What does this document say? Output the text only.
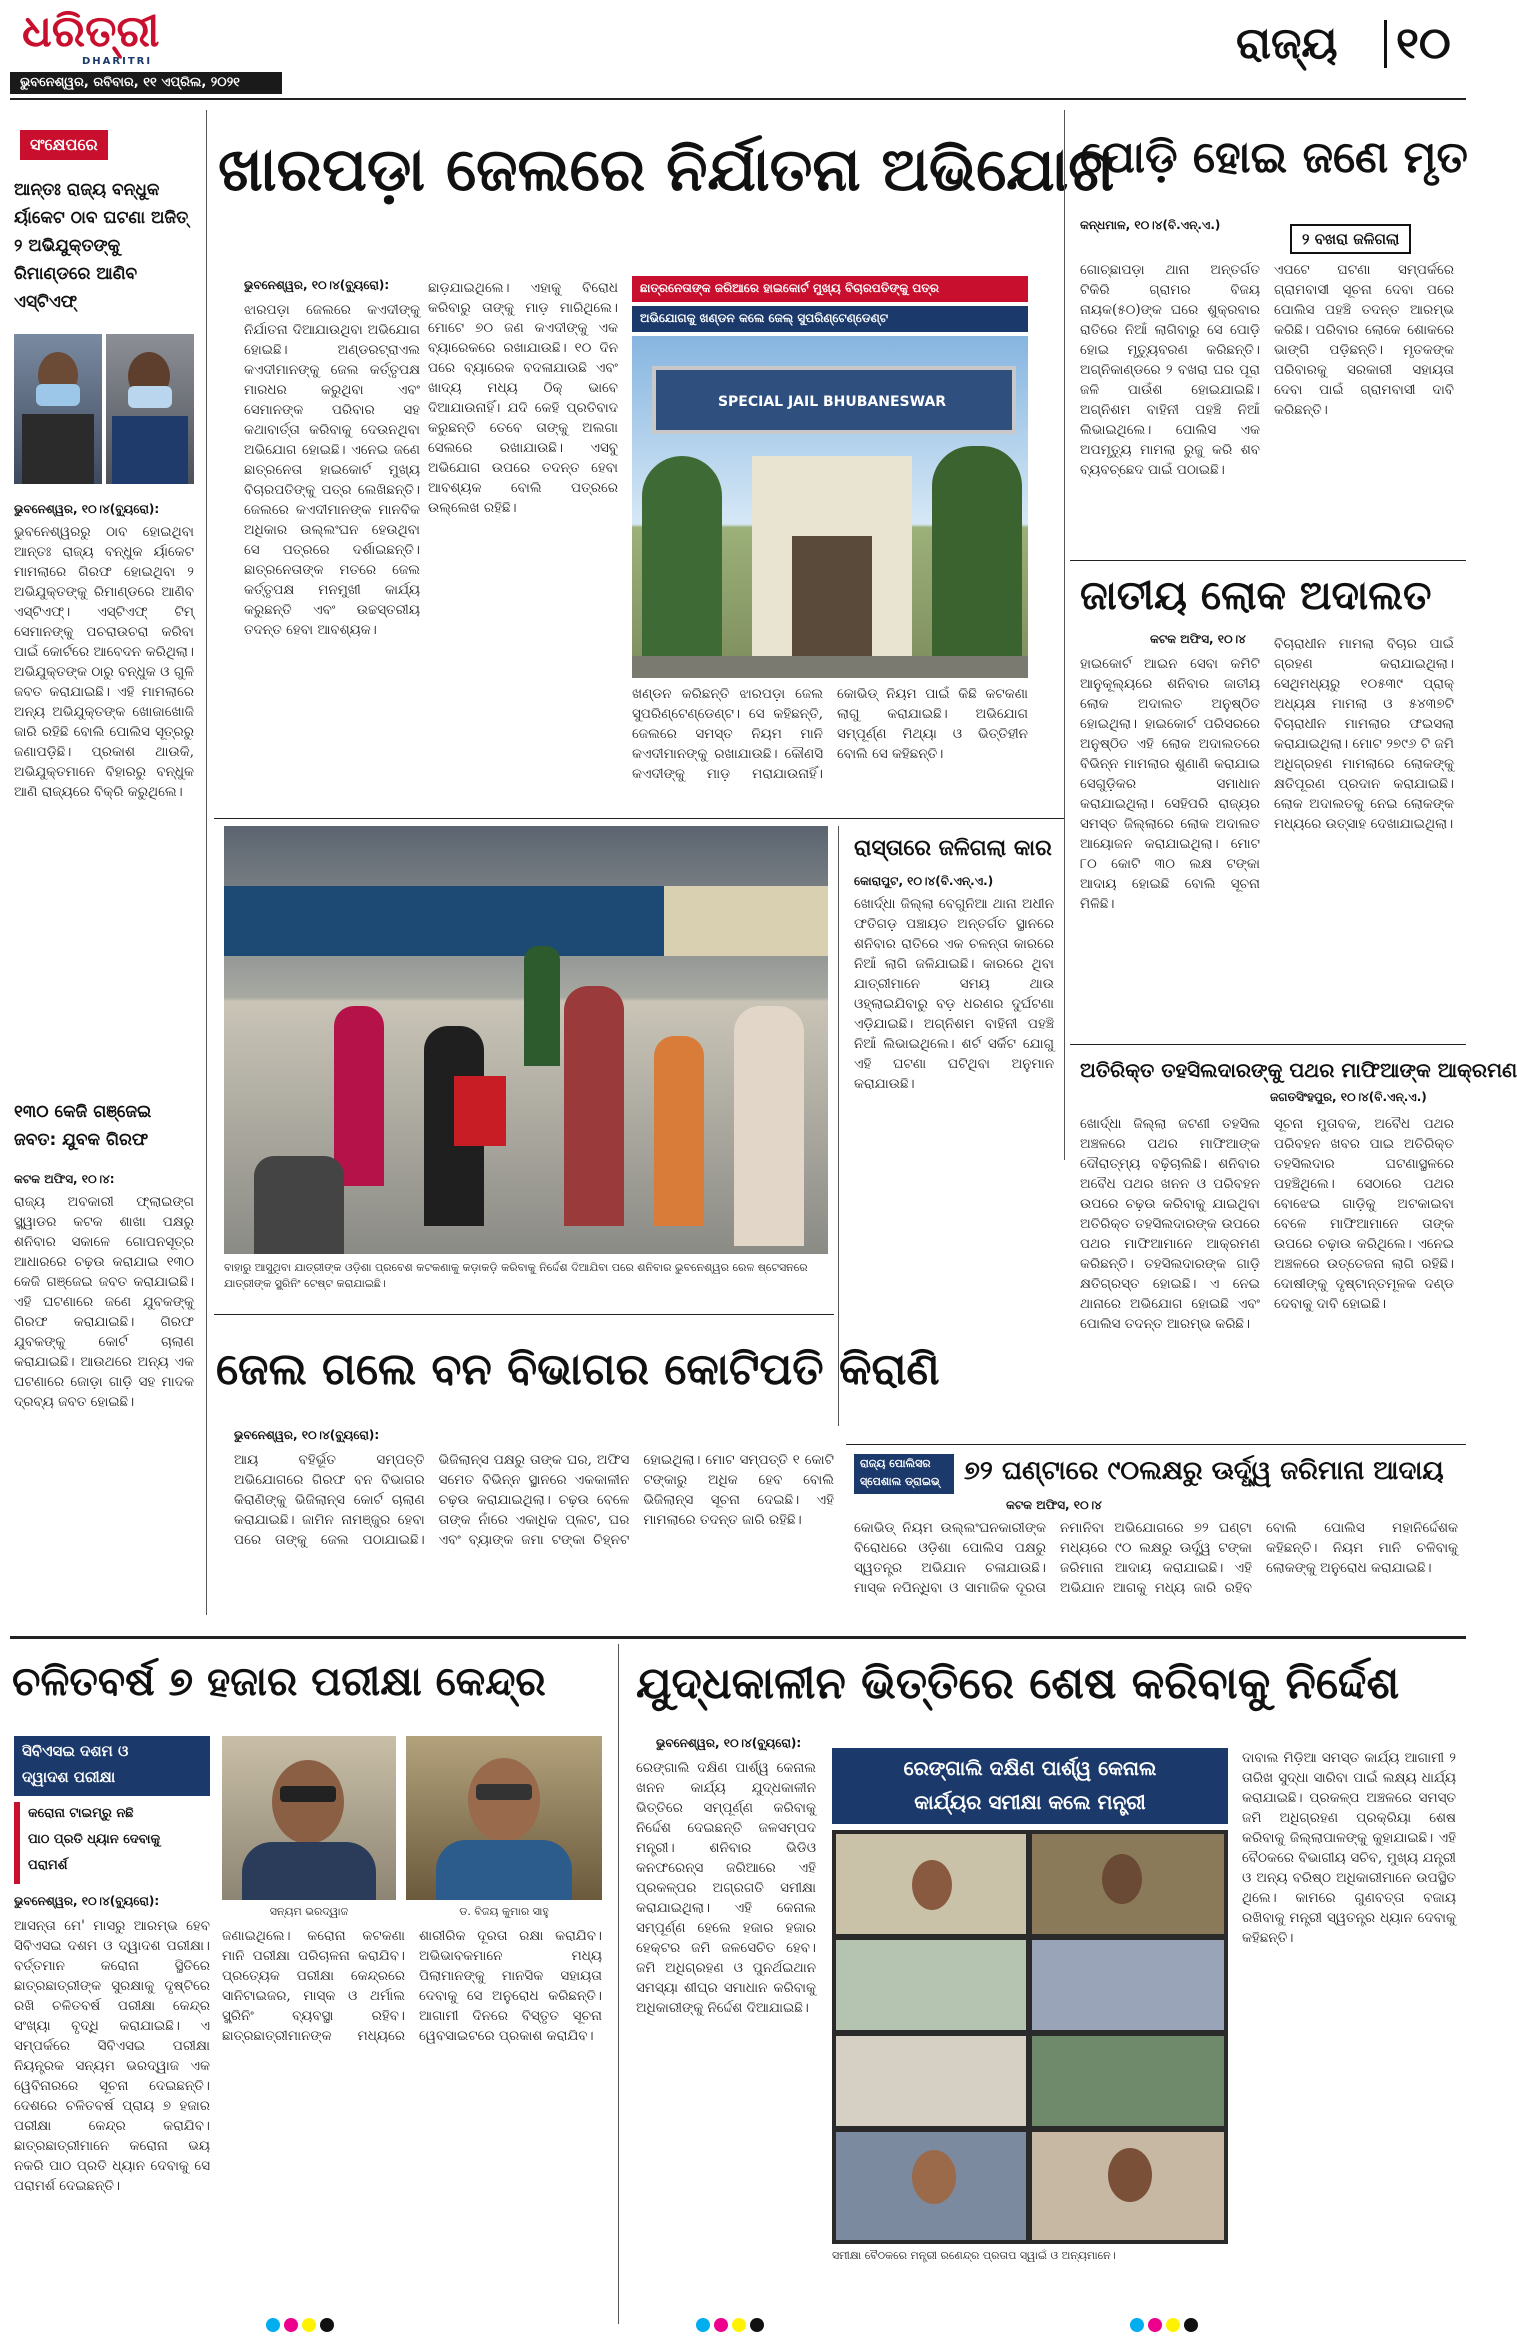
ଧରିତ୍ରୀ
DHARITRI
ଭୁବନେଶ୍ୱର, ରବିବାର, ୧୧ ଏପ୍ରିଲ, ୨୦୨୧
ରାଜ୍ୟ ୧୦
ସଂକ୍ଷେପରେ
ଆନ୍ତଃ ରାଜ୍ୟ ବନ୍ଧୁକ ର୍ୟାକେଟ ଠାବ ଘଟଣା ଅଜିତ୍ ୨ ଅଭିଯୁକ୍ତଙ୍କୁ ରିମାଣ୍ଡରେ ଆଣିବ ଏସ୍‌ଟିଏଫ୍
ଭୁବନେଶ୍ୱର, ୧୦।୪(ବ୍ୟୁରୋ):
ଭୁବନେଶ୍ୱରରୁ ଠାବ ହୋଇଥିବା ଆନ୍ତଃ ରାଜ୍ୟ ବନ୍ଧୁକ ର୍ୟାକେଟ ମାମଲାରେ ଗିରଫ ହୋଇଥିବା ୨ ଅଭିଯୁକ୍ତଙ୍କୁ ରିମାଣ୍ଡରେ ଆଣିବ ଏସ୍‌ଟିଏଫ୍। ଏସ୍‌ଟିଏଫ୍ ଟିମ୍ ସେମାନଙ୍କୁ ପଚରାଉଚରା କରିବା ପାଇଁ କୋର୍ଟରେ ଆବେଦନ କରିଥିଲା। ଅଭିଯୁକ୍ତଙ୍କ ଠାରୁ ବନ୍ଧୁକ ଓ ଗୁଳି ଜବତ କରାଯାଇଛି। ଏହି ମାମଲାରେ ଅନ୍ୟ ଅଭିଯୁକ୍ତଙ୍କ ଖୋଜାଖୋଜି ଜାରି ରହିଛି ବୋଲି ପୋଲିସ ସୂତ୍ରରୁ ଜଣାପଡ଼ିଛି। ପ୍ରକାଶ ଥାଉକି, ଅଭିଯୁକ୍ତମାନେ ବିହାରରୁ ବନ୍ଧୁକ ଆଣି ରାଜ୍ୟରେ ବିକ୍ରି କରୁଥିଲେ।
୧୩୦ କେଜି ଗଞ୍ଜେଇ ଜବତ: ଯୁବକ ଗିରଫ
କଟକ ଅଫିସ, ୧୦।୪:
ରାଜ୍ୟ ଅବକାରୀ ଫ୍ଲାଇଙ୍ଗ ସ୍କ୍ୱାଡର କଟକ ଶାଖା ପକ୍ଷରୁ ଶନିବାର ସକାଳେ ଗୋପନସୂତ୍ର ଆଧାରରେ ଚଢ଼ଉ କରାଯାଇ ୧୩୦ କେଜି ଗଞ୍ଜେଇ ଜବତ କରାଯାଇଛି। ଏହି ଘଟଣାରେ ଜଣେ ଯୁବକଙ୍କୁ ଗିରଫ କରାଯାଇଛି। ଗିରଫ ଯୁବକଙ୍କୁ କୋର୍ଟ ଚାଲାଣ କରାଯାଇଛି। ଆଉଥରେ ଅନ୍ୟ ଏକ ଘଟଣାରେ ଜୋଡ଼ା ଗାଡ଼ି ସହ ମାଦକ ଦ୍ରବ୍ୟ ଜବତ ହୋଇଛି।
ଖାରପଡ଼ା ଜେଲରେ ନିର୍ଯାତନା ଅଭିଯୋଗ
ଭୁବନେଶ୍ୱର, ୧୦।୪(ବ୍ୟୁରୋ):
ଝାରପଡ଼ା ଜେଲରେ କଏଦୀଙ୍କୁ ନିର୍ଯାତନା ଦିଆଯାଉଥିବା ଅଭିଯୋଗ ହୋଇଛି। ଅଣ୍ଡରଟ୍ରାଏଲ କଏଦୀମାନଙ୍କୁ ଜେଲ କର୍ତ୍ତୃପକ୍ଷ ମାରଧର କରୁଥିବା ଏବଂ ସେମାନଙ୍କ ପରିବାର ସହ କଥାବାର୍ତ୍ତା କରିବାକୁ ଦେଉନଥିବା ଅଭିଯୋଗ ହୋଇଛି। ଏନେଇ ଜଣେ ଛାତ୍ରନେତା ହାଇକୋର୍ଟ ମୁଖ୍ୟ ବିଚାରପତିଙ୍କୁ ପତ୍ର ଲେଖିଛନ୍ତି। ଜେଲରେ କଏଦୀମାନଙ୍କ ମାନବିକ ଅଧିକାର ଉଲ୍ଲଂଘନ ହେଉଥିବା ସେ ପତ୍ରରେ ଦର୍ଶାଇଛନ୍ତି। ଛାତ୍ରନେତାଙ୍କ ମତରେ ଜେଲ କର୍ତ୍ତୃପକ୍ଷ ମନମୁଖୀ କାର୍ଯ୍ୟ କରୁଛନ୍ତି ଏବଂ ଉଚ୍ଚସ୍ତରୀୟ ତଦନ୍ତ ହେବା ଆବଶ୍ୟକ।
ଛାଡ଼ଯାଇଥିଲେ। ଏହାକୁ ବିରୋଧ କରିବାରୁ ତାଙ୍କୁ ମାଡ଼ ମାରିଥିଲେ। ମୋଟେ ୭୦ ଜଣ କଏଦୀଙ୍କୁ ଏକ ବ୍ୟାରେକରେ ରଖାଯାଉଛି। ୧୦ ଦିନ ପରେ ବ୍ୟାରେକ ବଦଳାଯାଉଛି ଏବଂ ଖାଦ୍ୟ ମଧ୍ୟ ଠିକ୍ ଭାବେ ଦିଆଯାଉନାହିଁ। ଯଦି କେହି ପ୍ରତିବାଦ କରୁଛନ୍ତି ତେବେ ତାଙ୍କୁ ଅଲଗା ସେଲରେ ରଖାଯାଉଛି। ଏସବୁ ଅଭିଯୋଗ ଉପରେ ତଦନ୍ତ ହେବା ଆବଶ୍ୟକ ବୋଲି ପତ୍ରରେ ଉଲ୍ଲେଖ ରହିଛି।
ଛାତ୍ରନେତାଙ୍କ ଜରିଆରେ ହାଇକୋର୍ଟ ମୁଖ୍ୟ ବିଚାରପତିଙ୍କୁ ପତ୍ର
ଅଭିଯୋଗକୁ ଖଣ୍ଡନ କଲେ ଜେଲ୍ ସୁପରିଣ୍ଟେଣ୍ଡେଣ୍ଟ
SPECIAL JAIL BHUBANESWAR
ଖଣ୍ଡନ କରିଛନ୍ତି ଝାରପଡ଼ା ଜେଲ ସୁପରିଣ୍ଟେଣ୍ଡେଣ୍ଟ। ସେ କହିଛନ୍ତି, ଜେଲରେ ସମସ୍ତ ନିୟମ ମାନି କଏଦୀମାନଙ୍କୁ ରଖାଯାଉଛି। କୌଣସି କଏଦୀଙ୍କୁ ମାଡ଼ ମରାଯାଉନାହିଁ। କୋଭିଡ୍ ନିୟମ ପାଇଁ କିଛି କଟକଣା ଲାଗୁ କରାଯାଇଛି। ଅଭିଯୋଗ ସମ୍ପୂର୍ଣ୍ଣ ମିଥ୍ୟା ଓ ଭିତ୍ତିହୀନ ବୋଲି ସେ କହିଛନ୍ତି।
ପୋଡ଼ି ହୋଇ ଜଣେ ମୃତ
କନ୍ଧମାଳ, ୧୦।୪(ବି.ଏନ୍.ଏ.)
୨ ବଖରା ଜଳିଗଲା
ଗୋଚ୍ଛାପଡ଼ା ଥାନା ଅନ୍ତର୍ଗତ ଟିକିରି ଗ୍ରାମର ବିଜୟ ନାୟକ(୫୦)ଙ୍କ ଘରେ ଶୁକ୍ରବାର ରାତିରେ ନିଆଁ ଲାଗିବାରୁ ସେ ପୋଡ଼ି ହୋଇ ମୃତ୍ୟୁବରଣ କରିଛନ୍ତି। ଅଗ୍ନିକାଣ୍ଡରେ ୨ ବଖରା ଘର ପୂରା ଜଳି ପାଉଁଶ ହୋଇଯାଇଛି। ଅଗ୍ନିଶମ ବାହିନୀ ପହଞ୍ଚି ନିଆଁ ଲିଭାଇଥିଲେ। ପୋଲିସ ଏକ ଅପମୃତ୍ୟୁ ମାମଲା ରୁଜୁ କରି ଶବ ବ୍ୟବଚ୍ଛେଦ ପାଇଁ ପଠାଇଛି।
ଏପଟେ ଘଟଣା ସମ୍ପର୍କରେ ଗ୍ରାମବାସୀ ସୂଚନା ଦେବା ପରେ ପୋଲିସ ପହଞ୍ଚି ତଦନ୍ତ ଆରମ୍ଭ କରିଛି। ପରିବାର ଲୋକେ ଶୋକରେ ଭାଙ୍ଗି ପଡ଼ିଛନ୍ତି। ମୃତକଙ୍କ ପରିବାରକୁ ସରକାରୀ ସହାୟତା ଦେବା ପାଇଁ ଗ୍ରାମବାସୀ ଦାବି କରିଛନ୍ତି।
ଜାତୀୟ ଲୋକ ଅଦାଲତ
କଟକ ଅଫିସ, ୧୦।୪
ହାଇକୋର୍ଟ ଆଇନ ସେବା କମିଟି ଆନୁକୂଲ୍ୟରେ ଶନିବାର ଜାତୀୟ ଲୋକ ଅଦାଲତ ଅନୁଷ୍ଠିତ ହୋଇଥିଲା। ହାଇକୋର୍ଟ ପରିସରରେ ଅନୁଷ୍ଠିତ ଏହି ଲୋକ ଅଦାଲତରେ ବିଭିନ୍ନ ମାମଲାର ଶୁଣାଣି କରାଯାଇ ସେଗୁଡ଼ିକର ସମାଧାନ କରାଯାଇଥିଲା। ସେହିପରି ରାଜ୍ୟର ସମସ୍ତ ଜିଲ୍ଲାରେ ଲୋକ ଅଦାଲତ ଆୟୋଜନ କରାଯାଇଥିଲା। ମୋଟ ୮୦ କୋଟି ୩୦ ଲକ୍ଷ ଟଙ୍କା ଆଦାୟ ହୋଇଛି ବୋଲି ସୂଚନା ମିଳିଛି।
ବିଚାରାଧୀନ ମାମଲା ବିଚାର ପାଇଁ ଗ୍ରହଣ କରାଯାଇଥିଲା। ସେଥିମଧ୍ୟରୁ ୧୦୫୩୯ ପ୍ରାକ୍ ଅଧ୍ୟକ୍ଷ ମାମଲା ଓ ୫୪୩୭ଟି ବିଚାରାଧୀନ ମାମଲାର ଫଇସଲା କରାଯାଇଥିଲା। ମୋଟ ୨୭୯୬ ଟି ଜମି ଅଧିଗ୍ରହଣ ମାମଲାରେ ଲୋକଙ୍କୁ କ୍ଷତିପୂରଣ ପ୍ରଦାନ କରାଯାଇଛି। ଲୋକ ଅଦାଲତକୁ ନେଇ ଲୋକଙ୍କ ମଧ୍ୟରେ ଉତ୍ସାହ ଦେଖାଯାଇଥିଲା।
ଅତିରିକ୍ତ ତହସିଲଦାରଙ୍କୁ ପଥର ମାଫିଆଙ୍କ ଆକ୍ରମଣ
ଜଗତସିଂହପୁର, ୧୦।୪(ବି.ଏନ୍.ଏ.)
ଖୋର୍ଦ୍ଧା ଜିଲ୍ଲା ଜଟଣୀ ତହସିଲ ଅଞ୍ଚଳରେ ପଥର ମାଫିଆଙ୍କ ଦୌରାତ୍ମ୍ୟ ବଢ଼ିଚାଲିଛି। ଶନିବାର ଅବୈଧ ପଥର ଖନନ ଓ ପରିବହନ ଉପରେ ଚଢ଼ଉ କରିବାକୁ ଯାଇଥିବା ଅତିରିକ୍ତ ତହସିଲଦାରଙ୍କ ଉପରେ ପଥର ମାଫିଆମାନେ ଆକ୍ରମଣ କରିଛନ୍ତି। ତହସିଲଦାରଙ୍କ ଗାଡ଼ି କ୍ଷତିଗ୍ରସ୍ତ ହୋଇଛି। ଏ ନେଇ ଥାନାରେ ଅଭିଯୋଗ ହୋଇଛି ଏବଂ ପୋଲିସ ତଦନ୍ତ ଆରମ୍ଭ କରିଛି।
ସୂଚନା ମୁତାବକ, ଅବୈଧ ପଥର ପରିବହନ ଖବର ପାଇ ଅତିରିକ୍ତ ତହସିଲଦାର ଘଟଣାସ୍ଥଳରେ ପହଞ୍ଚିଥିଲେ। ସେଠାରେ ପଥର ବୋଝେଇ ଗାଡ଼ିକୁ ଅଟକାଇବା ବେଳେ ମାଫିଆମାନେ ତାଙ୍କ ଉପରେ ଚଢ଼ାଉ କରିଥିଲେ। ଏନେଇ ଅଞ୍ଚଳରେ ଉତ୍ତେଜନା ଲାଗି ରହିଛି। ଦୋଷୀଙ୍କୁ ଦୃଷ୍ଟାନ୍ତମୂଳକ ଦଣ୍ଡ ଦେବାକୁ ଦାବି ହୋଇଛି।
ବାହାରୁ ଆସୁଥିବା ଯାତ୍ରୀଙ୍କ ଓଡ଼ିଶା ପ୍ରବେଶ କଟକଣାକୁ କଡ଼ାକଡ଼ି କରିବାକୁ ନିର୍ଦ୍ଦେଶ ଦିଆଯିବା ପରେ ଶନିବାର ଭୁବନେଶ୍ୱର ରେଳ ଷ୍ଟେସନରେ ଯାତ୍ରୀଙ୍କ ସ୍କ୍ରିନିଂ ଟେଷ୍ଟ କରାଯାଇଛି।
ରାସ୍ତାରେ ଜଳିଗଲା କାର
କୋରାପୁଟ, ୧୦।୪(ବି.ଏନ୍.ଏ.)
ଖୋର୍ଦ୍ଧା ଜିଲ୍ଲା ବେଗୁନିଆ ଥାନା ଅଧୀନ ଫତିଗଡ଼ ପଞ୍ଚାୟତ ଅନ୍ତର୍ଗତ ସ୍ଥାନରେ ଶନିବାର ରାତିରେ ଏକ ଚଳନ୍ତା କାରରେ ନିଆଁ ଲାଗି ଜଳିଯାଇଛି। କାରରେ ଥିବା ଯାତ୍ରୀମାନେ ସମୟ ଥାଉ ଓହ୍ଲାଇଯିବାରୁ ବଡ଼ ଧରଣର ଦୁର୍ଘଟଣା ଏଡ଼ିଯାଇଛି। ଅଗ୍ନିଶମ ବାହିନୀ ପହଞ୍ଚି ନିଆଁ ଲିଭାଇଥିଲେ। ଶର୍ଟ ସର୍କିଟ ଯୋଗୁ ଏହି ଘଟଣା ଘଟିଥିବା ଅନୁମାନ କରାଯାଉଛି।
ଜେଲ ଗଲେ ବନ ବିଭାଗର କୋଟିପତି କିରାଣି
ଭୁବନେଶ୍ୱର, ୧୦।୪(ବ୍ୟୁରୋ):
ଆୟ ବହିର୍ଭୂତ ସମ୍ପତ୍ତି ଅଭିଯୋଗରେ ଗିରଫ ବନ ବିଭାଗର କିରାଣିଙ୍କୁ ଭିଜିଲାନ୍ସ କୋର୍ଟ ଚାଲାଣ କରାଯାଇଛି। ଜାମିନ ନାମଞ୍ଜୁର ହେବା ପରେ ତାଙ୍କୁ ଜେଲ ପଠାଯାଇଛି। ଭିଜିଲାନ୍ସ ପକ୍ଷରୁ ତାଙ୍କ ଘର, ଅଫିସ ସମେତ ବିଭିନ୍ନ ସ୍ଥାନରେ ଏକକାଳୀନ ଚଢ଼ଉ କରାଯାଇଥିଲା। ଚଢ଼ଉ ବେଳେ ତାଙ୍କ ନାଁରେ ଏକାଧିକ ପ୍ଲଟ, ଘର ଏବଂ ବ୍ୟାଙ୍କ ଜମା ଟଙ୍କା ଚିହ୍ନଟ ହୋଇଥିଲା। ମୋଟ ସମ୍ପତ୍ତି ୧ କୋଟି ଟଙ୍କାରୁ ଅଧିକ ହେବ ବୋଲି ଭିଜିଲାନ୍ସ ସୂଚନା ଦେଇଛି। ଏହି ମାମଲାରେ ତଦନ୍ତ ଜାରି ରହିଛି।
ରାଜ୍ୟ ପୋଲିସର
ସ୍ପେଶାଲ ଡ୍ରାଇଭ୍ ୭୨ ଘଣ୍ଟାରେ ୯୦ଲକ୍ଷରୁ ଊର୍ଦ୍ଧ୍ୱ ଜରିମାନା ଆଦାୟ
କଟକ ଅଫିସ, ୧୦।୪
କୋଭିଡ୍ ନିୟମ ଉଲ୍ଲଂଘନକାରୀଙ୍କ ବିରୋଧରେ ଓଡ଼ିଶା ପୋଲିସ ପକ୍ଷରୁ ସ୍ୱତନ୍ତ୍ର ଅଭିଯାନ ଚଳାଯାଉଛି। ମାସ୍କ ନପିନ୍ଧିବା ଓ ସାମାଜିକ ଦୂରତା ନମାନିବା ଅଭିଯୋଗରେ ୭୨ ଘଣ୍ଟା ମଧ୍ୟରେ ୯୦ ଲକ୍ଷରୁ ଊର୍ଦ୍ଧ୍ୱ ଟଙ୍କା ଜରିମାନା ଆଦାୟ କରାଯାଇଛି। ଏହି ଅଭିଯାନ ଆଗକୁ ମଧ୍ୟ ଜାରି ରହିବ ବୋଲି ପୋଲିସ ମହାନିର୍ଦ୍ଦେଶକ କହିଛନ୍ତି। ନିୟମ ମାନି ଚଳିବାକୁ ଲୋକଙ୍କୁ ଅନୁରୋଧ କରାଯାଇଛି।
ଚଳିତବର୍ଷ ୭ ହଜାର ପରୀକ୍ଷା କେନ୍ଦ୍ର
ସିବିଏସଇ ଦଶମ ଓ
ଦ୍ୱାଦଶ ପରୀକ୍ଷା
କରୋନା ଟାଇମ୍‌ରୁ ନଛି
ପାଠ ପ୍ରତି ଧ୍ୟାନ ଦେବାକୁ
ପରାମର୍ଶ
ସନ୍ୟମ ଭରଦ୍ୱାଜ	ଡ. ବିଜୟ କୁମାର ସାହୁ
ଭୁବନେଶ୍ୱର, ୧୦।୪(ବ୍ୟୁରୋ):
ଆସନ୍ତା ମେ' ମାସରୁ ଆରମ୍ଭ ହେବ ସିବିଏସଇ ଦଶମ ଓ ଦ୍ୱାଦଶ ପରୀକ୍ଷା। ବର୍ତ୍ତମାନ କରୋନା ସ୍ଥିତିରେ ଛାତ୍ରଛାତ୍ରୀଙ୍କ ସୁରକ୍ଷାକୁ ଦୃଷ୍ଟିରେ ରଖି ଚଳିତବର୍ଷ ପରୀକ୍ଷା କେନ୍ଦ୍ର ସଂଖ୍ୟା ବୃଦ୍ଧି କରାଯାଇଛି। ଏ ସମ୍ପର୍କରେ ସିବିଏସଇ ପରୀକ୍ଷା ନିୟନ୍ତ୍ରକ ସନ୍ୟମ ଭରଦ୍ୱାଜ ଏକ ୱେବିନାରରେ ସୂଚନା ଦେଇଛନ୍ତି। ଦେଶରେ ଚଳିତବର୍ଷ ପ୍ରାୟ ୭ ହଜାର ପରୀକ୍ଷା କେନ୍ଦ୍ର କରାଯିବ। ଛାତ୍ରଛାତ୍ରୀମାନେ କରୋନା ଭୟ ନକରି ପାଠ ପ୍ରତି ଧ୍ୟାନ ଦେବାକୁ ସେ ପରାମର୍ଶ ଦେଇଛନ୍ତି।
ଜଣାଇଥିଲେ। କରୋନା କଟକଣା ମାନି ପରୀକ୍ଷା ପରିଚାଳନା କରାଯିବ। ପ୍ରତ୍ୟେକ ପରୀକ୍ଷା କେନ୍ଦ୍ରରେ ସାନିଟାଇଜର, ମାସ୍କ ଓ ଥର୍ମାଲ ସ୍କ୍ରିନିଂ ବ୍ୟବସ୍ଥା ରହିବ। ଛାତ୍ରଛାତ୍ରୀମାନଙ୍କ ମଧ୍ୟରେ ଶାରୀରିକ ଦୂରତା ରକ୍ଷା କରାଯିବ। ଅଭିଭାବକମାନେ ମଧ୍ୟ ପିଲାମାନଙ୍କୁ ମାନସିକ ସହାୟତା ଦେବାକୁ ସେ ଅନୁରୋଧ କରିଛନ୍ତି। ଆଗାମୀ ଦିନରେ ବିସ୍ତୃତ ସୂଚନା ୱେବସାଇଟରେ ପ୍ରକାଶ କରାଯିବ।
ଯୁଦ୍ଧକାଳୀନ ଭିତ୍ତିରେ ଶେଷ କରିବାକୁ ନିର୍ଦ୍ଦେଶ
ଭୁବନେଶ୍ୱର, ୧୦।୪(ବ୍ୟୁରୋ):
ରେଙ୍ଗାଲି ଦକ୍ଷିଣ ପାର୍ଶ୍ୱ କେନାଲ ଖନନ କାର୍ଯ୍ୟ ଯୁଦ୍ଧକାଳୀନ ଭିତ୍ତିରେ ସମ୍ପୂର୍ଣ୍ଣ କରିବାକୁ ନିର୍ଦ୍ଦେଶ ଦେଇଛନ୍ତି ଜଳସମ୍ପଦ ମନ୍ତ୍ରୀ। ଶନିବାର ଭିଡିଓ କନଫରେନ୍ସ ଜରିଆରେ ଏହି ପ୍ରକଳ୍ପର ଅଗ୍ରଗତି ସମୀକ୍ଷା କରାଯାଇଥିଲା। ଏହି କେନାଲ ସମ୍ପୂର୍ଣ୍ଣ ହେଲେ ହଜାର ହଜାର ହେକ୍ଟର ଜମି ଜଳସେଚିତ ହେବ। ଜମି ଅଧିଗ୍ରହଣ ଓ ପୁନର୍ଥଇଥାନ ସମସ୍ୟା ଶୀଘ୍ର ସମାଧାନ କରିବାକୁ ଅଧିକାରୀଙ୍କୁ ନିର୍ଦ୍ଦେଶ ଦିଆଯାଇଛି।
ରେଙ୍ଗାଲି ଦକ୍ଷିଣ ପାର୍ଶ୍ୱ କେନାଲ
କାର୍ଯ୍ୟର ସମୀକ୍ଷା କଲେ ମନ୍ତ୍ରୀ
ସମୀକ୍ଷା ବୈଠକରେ ମନ୍ତ୍ରୀ ରଣେନ୍ଦ୍ର ପ୍ରତାପ ସ୍ୱାଇଁ ଓ ଅନ୍ୟମାନେ।
ଦାବାଲ ମିଡ଼ିଆ ସମସ୍ତ କାର୍ଯ୍ୟ ଆଗାମୀ ୨ ତାରିଖ ସୁଦ୍ଧା ସାରିବା ପାଇଁ ଲକ୍ଷ୍ୟ ଧାର୍ଯ୍ୟ କରାଯାଇଛି। ପ୍ରକଳ୍ପ ଅଞ୍ଚଳରେ ସମସ୍ତ ଜମି ଅଧିଗ୍ରହଣ ପ୍ରକ୍ରିୟା ଶେଷ କରିବାକୁ ଜିଲ୍ଲାପାଳଙ୍କୁ କୁହାଯାଇଛି। ଏହି ବୈଠକରେ ବିଭାଗୀୟ ସଚିବ, ମୁଖ୍ୟ ଯନ୍ତ୍ରୀ ଓ ଅନ୍ୟ ବରିଷ୍ଠ ଅଧିକାରୀମାନେ ଉପସ୍ଥିତ ଥିଲେ। କାମରେ ଗୁଣବତ୍ତା ବଜାୟ ରଖିବାକୁ ମନ୍ତ୍ରୀ ସ୍ୱତନ୍ତ୍ର ଧ୍ୟାନ ଦେବାକୁ କହିଛନ୍ତି।
